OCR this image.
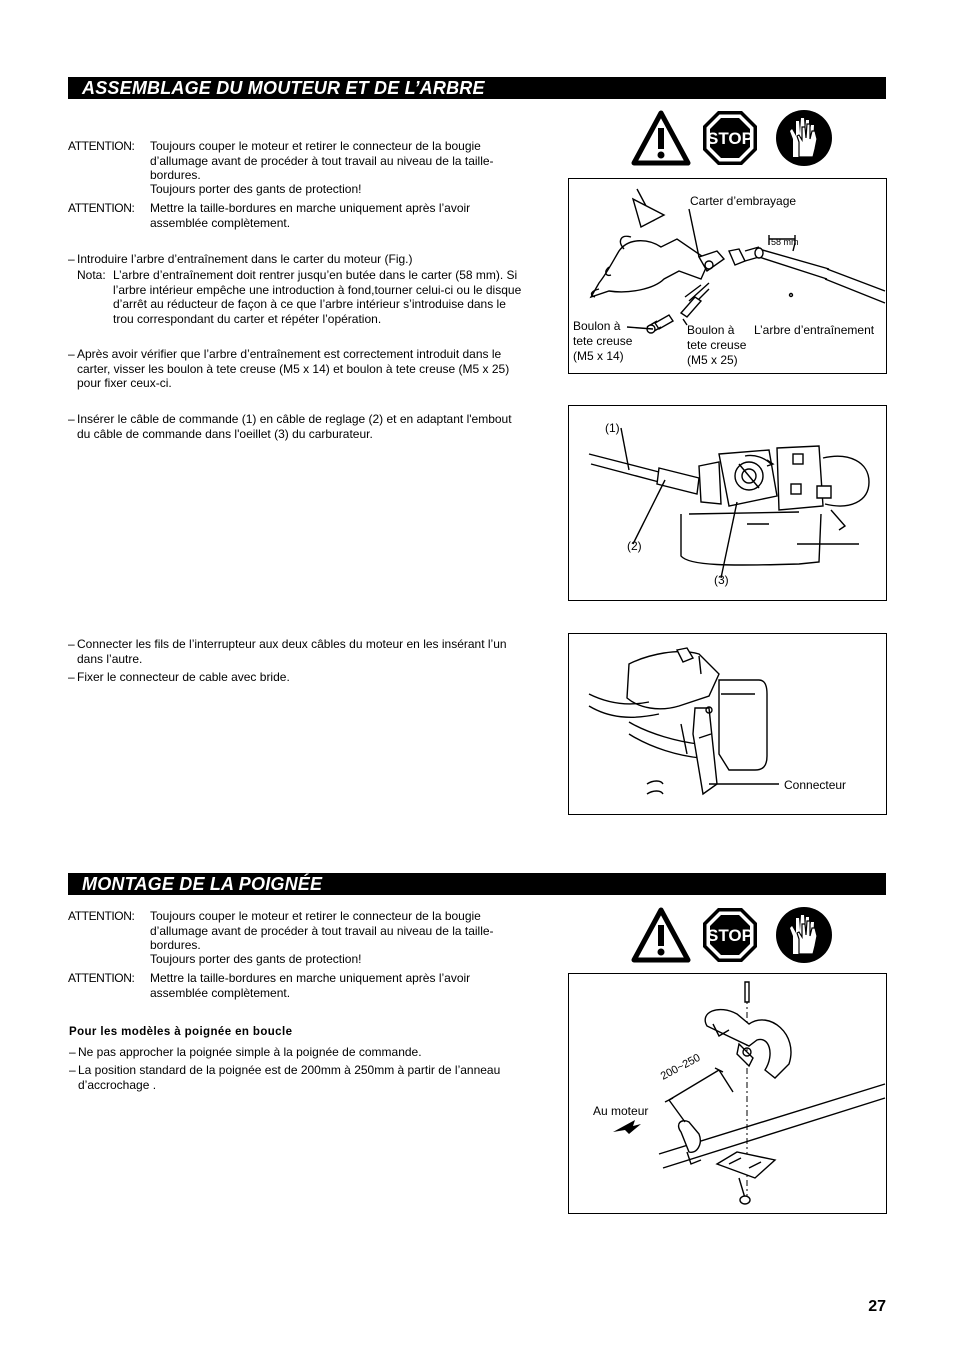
ASSEMBLAGE DU MOUTEUR ET DE L’ARBRE
ATTENTION: Toujours couper le moteur et retirer le connecteur de la bougie d’allumage avant de procéder à tout travail au niveau de la taille-bordures.
Toujours porter des gants de protection!
ATTENTION: Mettre la taille-bordures en marche uniquement après l’avoir assemblée complètement.
– Introduire l’arbre d’entraînement dans le carter du moteur (Fig.)
Nota: L’arbre d’entraînement doit rentrer jusqu’en butée dans le carter (58 mm). Si l’arbre intérieur empêche une introduction à fond,tourner celui-ci ou le disque d’arrêt au réducteur de façon à ce que l’arbre intérieur s’introduise dans le trou correspondant du carter et répéter l’opération.
– Après avoir vérifier que l’arbre d’entraînement est correctement introduit dans le carter, visser les boulon à tete creuse (M5 x 14) et boulon à tete creuse (M5 x 25) pour fixer ceux-ci.
– Insérer le câble de commande (1) en câble de reglage (2) et en adaptant l'embout du câble de commande dans l'oeillet (3) du carburateur.
– Connecter les fils de l’interrupteur aux deux câbles du moteur en les insérant l’un dans l’autre.
– Fixer le connecteur de cable avec bride.
STOP
Carter d’embrayage
58 mm
Boulon à
tete creuse
(M5 x 14)
Boulon à
tete creuse
(M5 x 25)
L’arbre d’entraînement
(1)
(2)
(3)
Connecteur
MONTAGE DE LA POIGNÉE
ATTENTION: Toujours couper le moteur et retirer le connecteur de la bougie d’allumage avant de procéder à tout travail au niveau de la taille-bordures.
Toujours porter des gants de protection!
ATTENTION: Mettre la taille-bordures en marche uniquement après l’avoir assemblée complètement.
Pour les modèles à poignée en boucle
– Ne pas approcher la poignée simple à la poignée de commande.
– La position standard de la poignée est de 200mm à 250mm à partir de l’anneau d’accrochage .
STOP
200~250
Au moteur
27
